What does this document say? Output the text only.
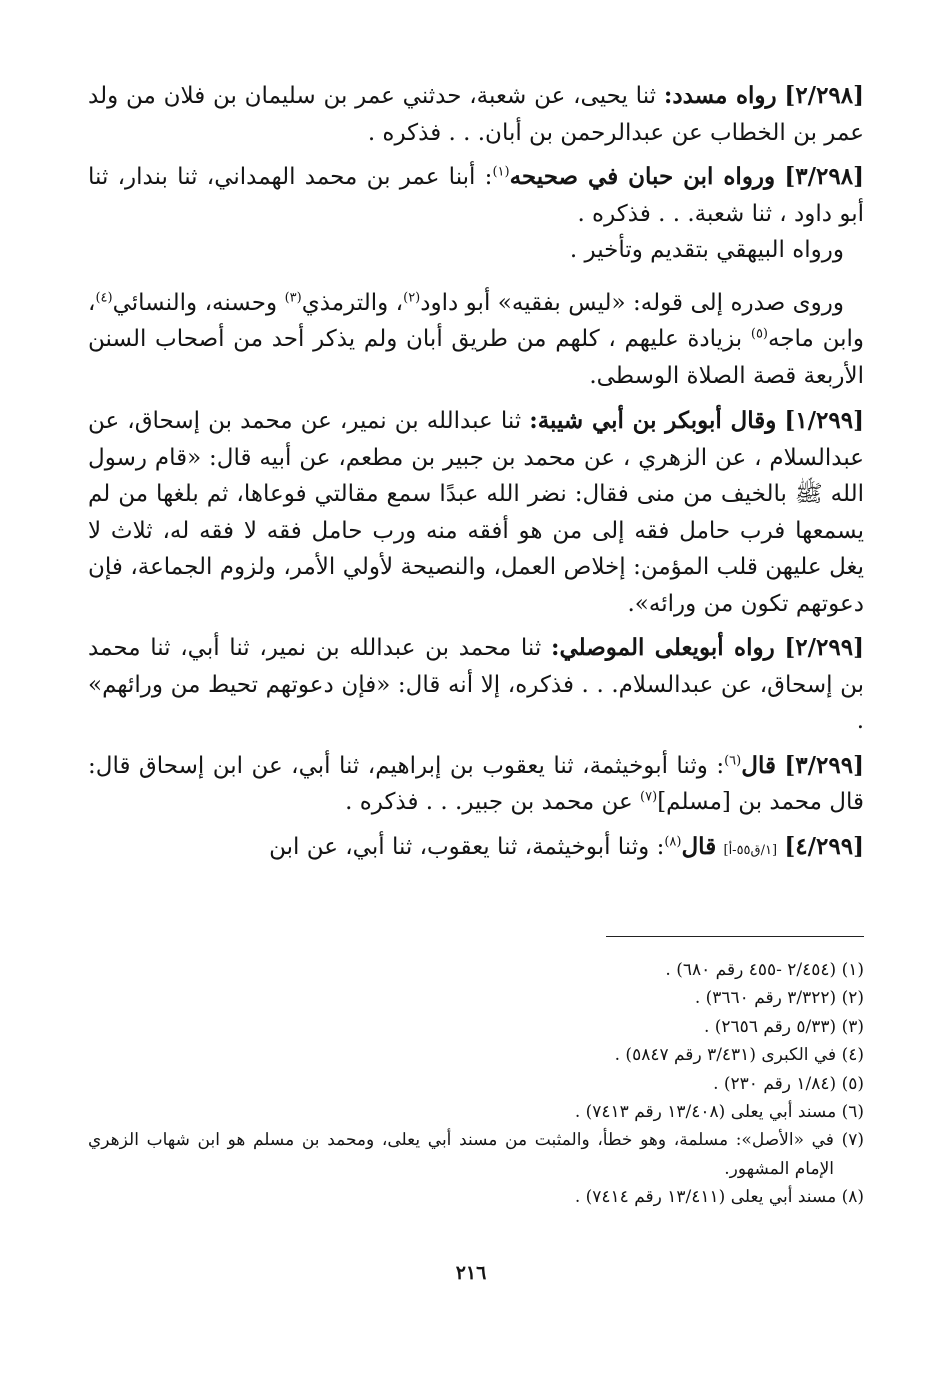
[٢/٢٩٨] رواه مسدد: ثنا يحيى، عن شعبة، حدثني عمر بن سليمان بن فلان من ولد عمر بن الخطاب عن عبدالرحمن بن أبان. . . فذكره .

[٣/٢٩٨] ورواه ابن حبان في صحيحه$^{(١)}$: أبنا عمر بن محمد الهمداني، ثنا بندار، ثنا أبو داود ، ثنا شعبة. . . فذكره .

ورواه البيهقي بتقديم وتأخير .

وروى صدره إلى قوله: «ليس بفقيه» أبو داود$^{(٢)}$، والترمذي$^{(٣)}$ وحسنه، والنسائي$^{(٤)}$، وابن ماجه$^{(٥)}$ بزيادة عليهم ، كلهم من طريق أبان ولم يذكر أحد من أصحاب السنن الأربعة قصة الصلاة الوسطى.

[١/٢٩٩] وقال أبوبكر بن أبي شيبة: ثنا عبدالله بن نمير، عن محمد بن إسحاق، عن عبدالسلام ، عن الزهري ، عن محمد بن جبير بن مطعم، عن أبيه قال: «قام رسول الله ﷺ بالخيف من منى فقال: نضر الله عبدًا سمع مقالتي فوعاها، ثم بلغها من لم يسمعها فرب حامل فقه إلى من هو أفقه منه ورب حامل فقه لا فقه له، ثلاث لا يغل عليهن قلب المؤمن: إخلاص العمل، والنصيحة لأولي الأمر، ولزوم الجماعة، فإن دعوتهم تكون من ورائه».

[٢/٢٩٩] رواه أبويعلى الموصلي: ثنا محمد بن عبدالله بن نمير، ثنا أبي، ثنا محمد بن إسحاق، عن عبدالسلام. . . فذكره، إلا أنه قال: «فإن دعوتهم تحيط من ورائهم» .

[٣/٢٩٩] قال$^{(٦)}$: وثنا أبوخيثمة، ثنا يعقوب بن إبراهيم، ثنا أبي، عن ابن إسحاق قال: قال محمد بن [مسلم]$^{(٧)}$ عن محمد بن جبير. . . فذكره .

[٤/٢٩٩] [١/ق٥٥-أ] قال$^{(٨)}$: وثنا أبوخيثمة، ثنا يعقوب، ثنا أبي، عن ابن

(١) (٢/٤٥٤ -٤٥٥ رقم ٦٨٠) .
(٢) (٣/٣٢٢ رقم ٣٦٦٠) .
(٣) (٥/٣٣ رقم ٢٦٥٦) .
(٤) في الكبرى (٣/٤٣١ رقم ٥٨٤٧) .
(٥) (١/٨٤ رقم ٢٣٠) .
(٦) مسند أبي يعلى (١٣/٤٠٨ رقم ٧٤١٣) .
(٧) في «الأصل»: مسلمة، وهو خطأ، والمثبت من مسند أبي يعلى، ومحمد بن مسلم هو ابن شهاب الزهري الإمام المشهور.
(٨) مسند أبي يعلى (١٣/٤١١ رقم ٧٤١٤) .
٢١٦
